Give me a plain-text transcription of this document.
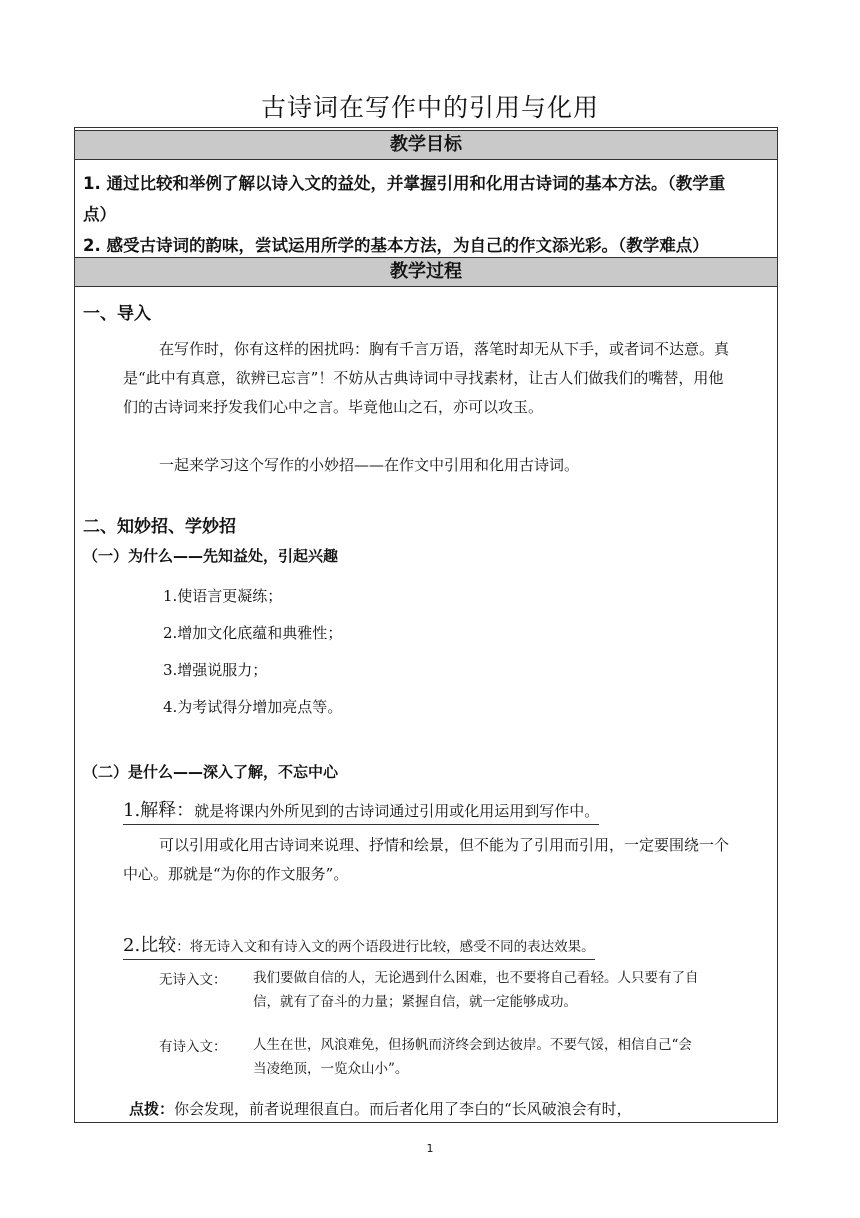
古诗词在写作中的引用与化用
教学目标
1. 通过比较和举例了解以诗入文的益处，并掌握引用和化用古诗词的基本方法。（教学重
点）
2. 感受古诗词的韵味，尝试运用所学的基本方法，为自己的作文添光彩。（教学难点）
教学过程
一、导入
在写作时，你有这样的困扰吗：胸有千言万语，落笔时却无从下手，或者词不达意。真是“此中有真意，欲辨已忘言”！不妨从古典诗词中寻找素材，让古人们做我们的嘴替，用他们的古诗词来抒发我们心中之言。毕竟他山之石，亦可以攻玉。
一起来学习这个写作的小妙招——在作文中引用和化用古诗词。
二、知妙招、学妙招
（一）为什么——先知益处，引起兴趣
1.使语言更凝练；
2.增加文化底蕴和典雅性；
3.增强说服力；
4.为考试得分增加亮点等。
（二）是什么——深入了解，不忘中心
1.解释：就是将课内外所见到的古诗词通过引用或化用运用到写作中。
可以引用或化用古诗词来说理、抒情和绘景，但不能为了引用而引用，一定要围绕一个中心。那就是“为你的作文服务”。
2.比较：将无诗入文和有诗入文的两个语段进行比较，感受不同的表达效果。
无诗入文： 我们要做自信的人，无论遇到什么困难，也不要将自己看轻。人只要有了自信，就有了奋斗的力量；紧握自信，就一定能够成功。
有诗入文： 人生在世，风浪难免，但扬帆而济终会到达彼岸。不要气馁，相信自己“会当凌绝顶，一览众山小”。
点拨：你会发现，前者说理很直白。而后者化用了李白的“长风破浪会有时，
1
